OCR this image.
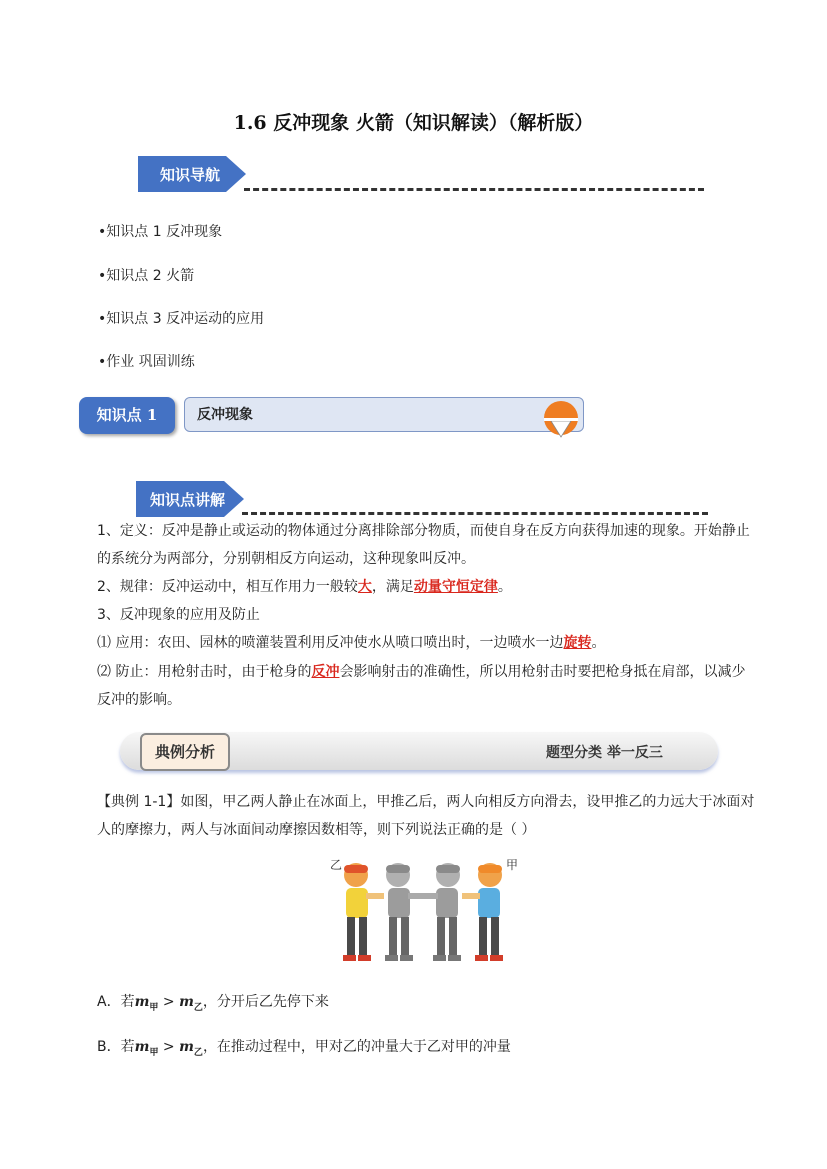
1.6 反冲现象 火箭（知识解读）（解析版）
知识导航
•知识点 1 反冲现象
•知识点 2 火箭
•知识点 3 反冲运动的应用
•作业 巩固训练
知识点 1	反冲现象
知识点讲解
1、定义：反冲是静止或运动的物体通过分离排除部分物质，而使自身在反方向获得加速的现象。开始静止的系统分为两部分，分别朝相反方向运动，这种现象叫反冲。
2、规律：反冲运动中，相互作用力一般较大，满足动量守恒定律。
3、反冲现象的应用及防止
⑴ 应用：农田、园林的喷灌装置利用反冲使水从喷口喷出时，一边喷水一边旋转。
⑵ 防止：用枪射击时，由于枪身的反冲会影响射击的准确性，所以用枪射击时要把枪身抵在肩部，以减少反冲的影响。
典例分析	题型分类 举一反三
【典例 1-1】如图，甲乙两人静止在冰面上，甲推乙后，两人向相反方向滑去，设甲推乙的力远大于冰面对人的摩擦力，两人与冰面间动摩擦因数相等，则下列说法正确的是（ ）
乙	甲
A．若$m_甲 > m_乙$，分开后乙先停下来
B．若$m_甲 > m_乙$，在推动过程中，甲对乙的冲量大于乙对甲的冲量
